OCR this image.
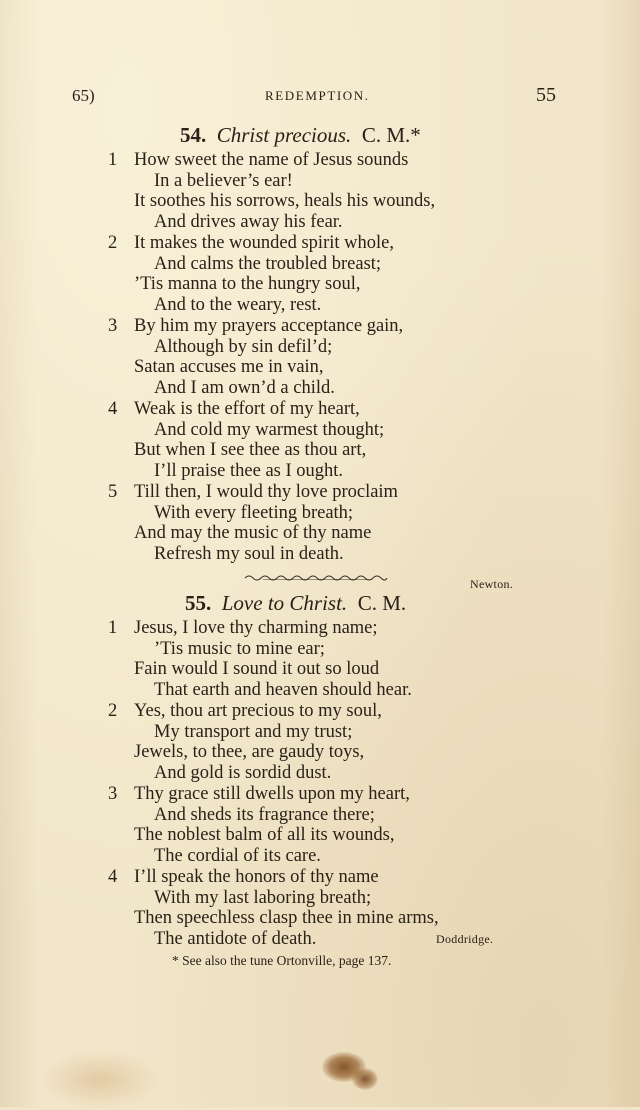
65)	REDEMPTION.	55
54. Christ precious. C. M.*
1 How sweet the name of Jesus sounds
In a believer’s ear!
It soothes his sorrows, heals his wounds,
And drives away his fear.
2 It makes the wounded spirit whole,
And calms the troubled breast;
’Tis manna to the hungry soul,
And to the weary, rest.
3 By him my prayers acceptance gain,
Although by sin defil’d;
Satan accuses me in vain,
And I am own’d a child.
4 Weak is the effort of my heart,
And cold my warmest thought;
But when I see thee as thou art,
I’ll praise thee as I ought.
5 Till then, I would thy love proclaim
With every fleeting breath;
And may the music of thy name
Refresh my soul in death.
Newton.
55. Love to Christ. C. M.
1 Jesus, I love thy charming name;
’Tis music to mine ear;
Fain would I sound it out so loud
That earth and heaven should hear.
2 Yes, thou art precious to my soul,
My transport and my trust;
Jewels, to thee, are gaudy toys,
And gold is sordid dust.
3 Thy grace still dwells upon my heart,
And sheds its fragrance there;
The noblest balm of all its wounds,
The cordial of its care.
4 I’ll speak the honors of thy name
With my last laboring breath;
Then speechless clasp thee in mine arms,
The antidote of death.	Doddridge.
* See also the tune Ortonville, page 137.
